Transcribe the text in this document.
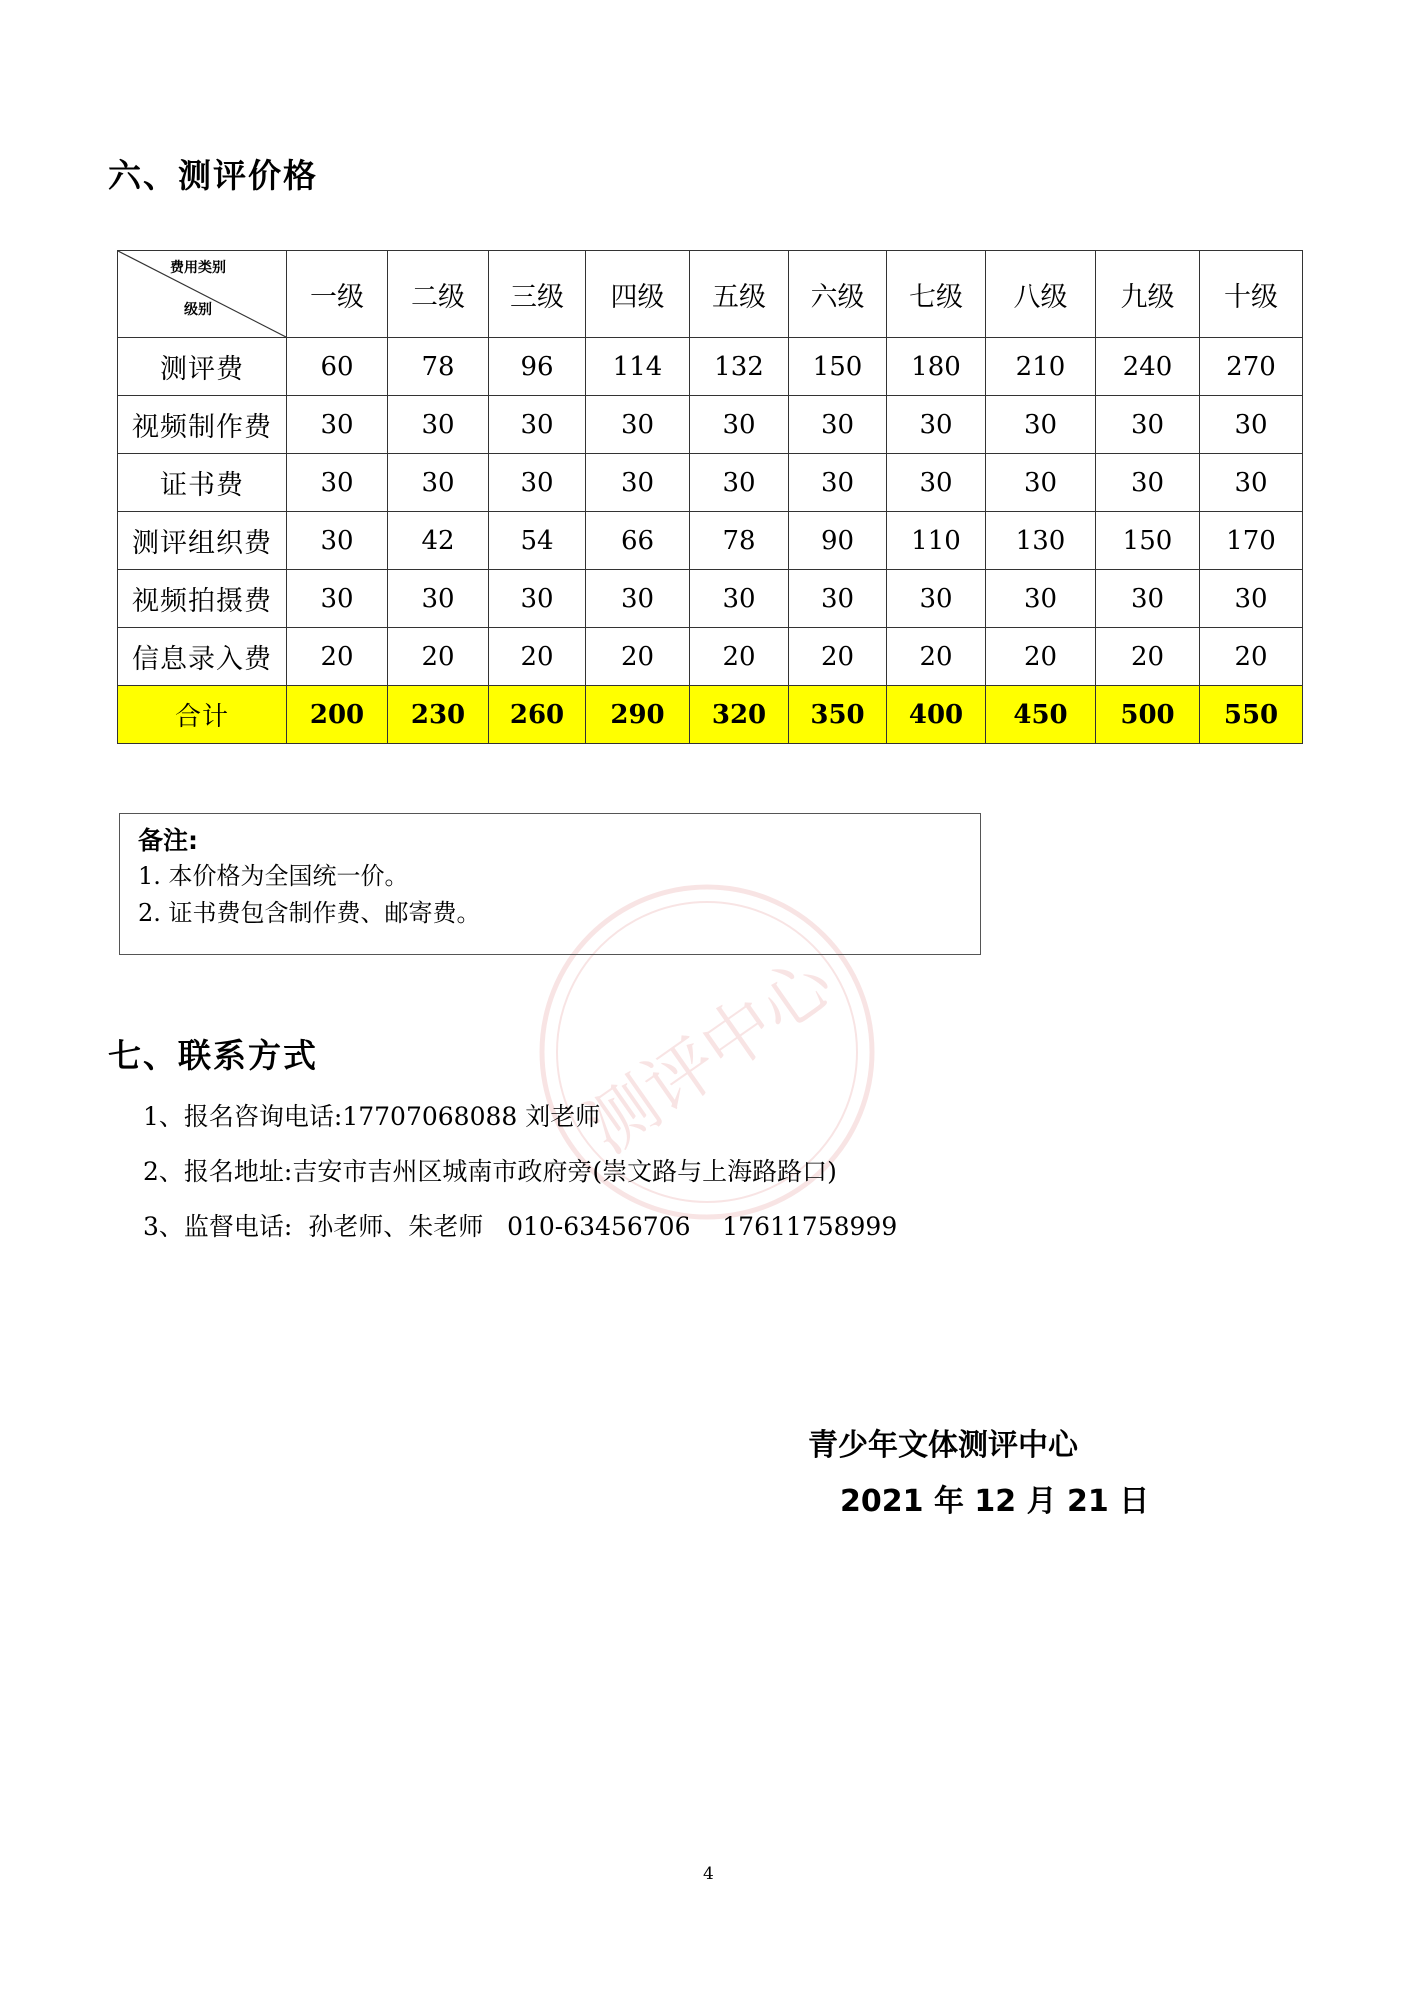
测评中心
六、测评价格
费用类别
级别	一级	二级	三级	四级	五级	六级	七级	八级	九级	十级
测评费	60	78	96	114	132	150	180	210	240	270
视频制作费	30	30	30	30	30	30	30	30	30	30
证书费	30	30	30	30	30	30	30	30	30	30
测评组织费	30	42	54	66	78	90	110	130	150	170
视频拍摄费	30	30	30	30	30	30	30	30	30	30
信息录入费	20	20	20	20	20	20	20	20	20	20
合计	200	230	260	290	320	350	400	450	500	550
备注:
1. 本价格为全国统一价。
2. 证书费包含制作费、邮寄费。
七、联系方式
1、报名咨询电话:17707068088 刘老师
2、报名地址:吉安市吉州区城南市政府旁(崇文路与上海路路口)
3、监督电话:  孙老师、朱老师   010-63456706    17611758999
青少年文体测评中心
2021 年 12 月 21 日
4
